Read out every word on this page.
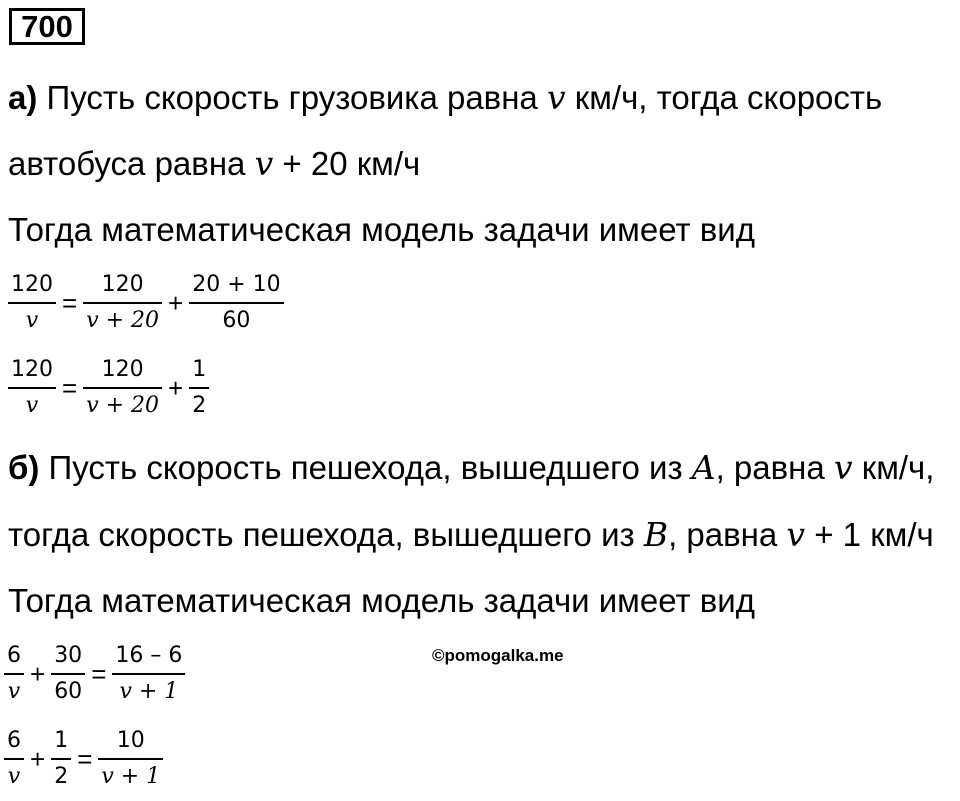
700
а) Пусть скорость грузовика равна v км/ч, тогда скорость
автобуса равна v + 20 км/ч
Тогда математическая модель задачи имеет вид
$\frac{120}{v} = \frac{120}{v + 20} + \frac{20 + 10}{60}$
$\frac{120}{v} = \frac{120}{v + 20} + \frac{1}{2}$
б) Пусть скорость пешехода, вышедшего из A, равна v км/ч,
тогда скорость пешехода, вышедшего из B, равна v + 1 км/ч
Тогда математическая модель задачи имеет вид
$\frac{6}{v} + \frac{30}{60} = \frac{16 - 6}{v + 1}$	©pomogalka.me
$\frac{6}{v} + \frac{1}{2} = \frac{10}{v + 1}$
